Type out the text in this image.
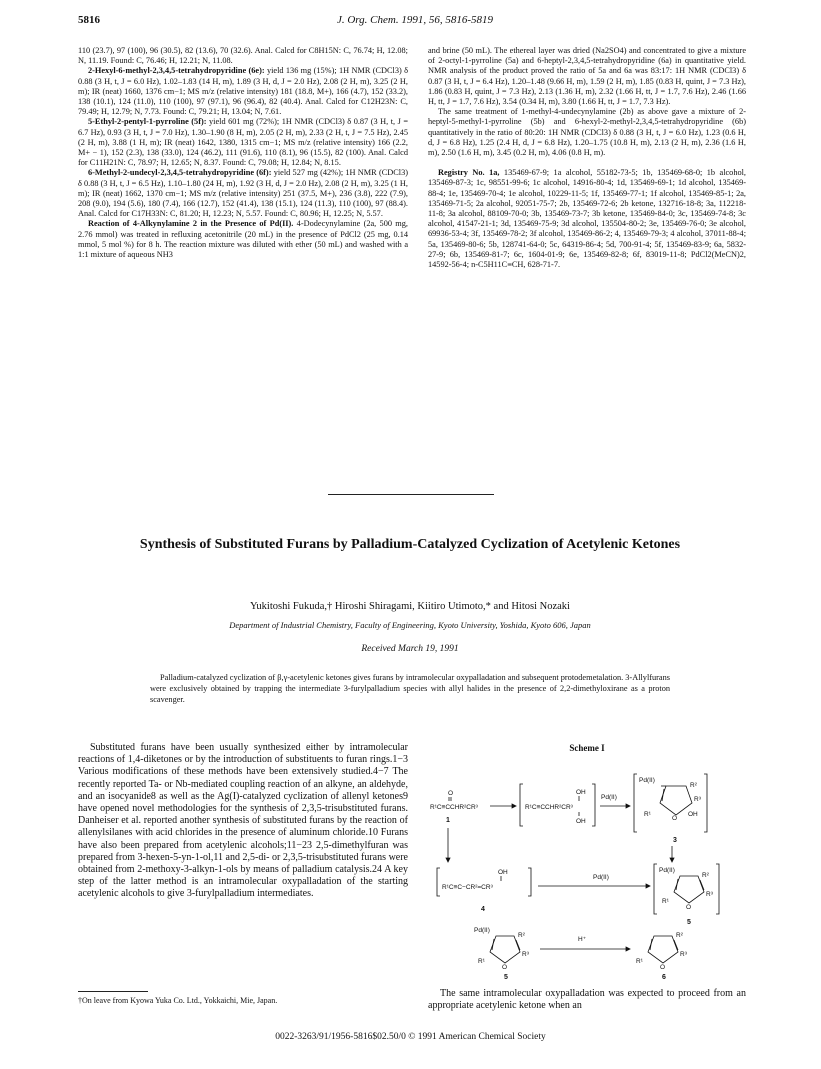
5816	J. Org. Chem. 1991, 56, 5816-5819

110 (23.7), 97 (100), 96 (30.5), 82 (13.6), 70 (32.6). Anal. Calcd for C8H15N: C, 76.74; H, 12.08; N, 11.19. Found: C, 76.46; H, 12.21; N, 11.08.

2-Hexyl-6-methyl-2,3,4,5-tetrahydropyridine (6e): yield 136 mg (15%); 1H NMR (CDCl3) δ 0.88 (3 H, t, J = 6.0 Hz), 1.02–1.83 (14 H, m), 1.89 (3 H, d, J = 2.0 Hz), 2.08 (2 H, m), 3.25 (2 H, m); IR (neat) 1660, 1376 cm−1; MS m/z (relative intensity) 181 (18.8, M+), 166 (4.7), 152 (33.2), 138 (10.1), 124 (11.0), 110 (100), 97 (97.1), 96 (96.4), 82 (40.4). Anal. Calcd for C12H23N: C, 79.49; H, 12.79; N, 7.73. Found: C, 79.21; H, 13.04; N, 7.61.

5-Ethyl-2-pentyl-1-pyrroline (5f): yield 601 mg (72%); 1H NMR (CDCl3) δ 0.87 (3 H, t, J = 6.7 Hz), 0.93 (3 H, t, J = 7.0 Hz), 1.30–1.90 (8 H, m), 2.05 (2 H, m), 2.33 (2 H, t, J = 7.5 Hz), 2.45 (2 H, m), 3.88 (1 H, m); IR (neat) 1642, 1380, 1315 cm−1; MS m/z (relative intensity) 166 (2.2, M+ − 1), 152 (2.3), 138 (33.0), 124 (46.2), 111 (91.6), 110 (8.1), 96 (15.5), 82 (100). Anal. Calcd for C11H21N: C, 78.97; H, 12.65; N, 8.37. Found: C, 79.08; H, 12.84; N, 8.15.

6-Methyl-2-undecyl-2,3,4,5-tetrahydropyridine (6f): yield 527 mg (42%); 1H NMR (CDCl3) δ 0.88 (3 H, t, J = 6.5 Hz), 1.10–1.80 (24 H, m), 1.92 (3 H, d, J = 2.0 Hz), 2.08 (2 H, m), 3.25 (1 H, m); IR (neat) 1662, 1370 cm−1; MS m/z (relative intensity) 251 (37.5, M+), 236 (3.8), 222 (7.9), 208 (9.0), 194 (5.6), 180 (7.4), 166 (12.7), 152 (41.4), 138 (15.1), 124 (11.3), 110 (100), 97 (88.4). Anal. Calcd for C17H33N: C, 81.20; H, 12.23; N, 5.57. Found: C, 80.96; H, 12.25; N, 5.57.

Reaction of 4-Alkynylamine 2 in the Presence of Pd(II). 4-Dodecynylamine (2a, 500 mg, 2.76 mmol) was treated in refluxing acetonitrile (20 mL) in the presence of PdCl2 (25 mg, 0.14 mmol, 5 mol %) for 8 h. The reaction mixture was diluted with ether (50 mL) and washed with a 1:1 mixture of aqueous NH3

and brine (50 mL). The ethereal layer was dried (Na2SO4) and concentrated to give a mixture of 2-octyl-1-pyrroline (5a) and 6-heptyl-2,3,4,5-tetrahydropyridine (6a) in quantitative yield. NMR analysis of the product proved the ratio of 5a and 6a was 83:17: 1H NMR (CDCl3) δ 0.87 (3 H, t, J = 6.4 Hz), 1.20–1.48 (9.66 H, m), 1.59 (2 H, m), 1.85 (0.83 H, quint, J = 7.3 Hz), 1.86 (0.83 H, quint, J = 7.3 Hz), 2.13 (1.36 H, m), 2.32 (1.66 H, tt, J = 1.7, 7.6 Hz), 2.46 (1.66 H, tt, J = 1.7, 7.6 Hz), 3.54 (0.34 H, m), 3.80 (1.66 H, tt, J = 1.7, 7.3 Hz).

The same treatment of 1-methyl-4-undecynylamine (2b) as above gave a mixture of 2-heptyl-5-methyl-1-pyrroline (5b) and 6-hexyl-2-methyl-2,3,4,5-tetrahydropyridine (6b) quantitatively in the ratio of 80:20: 1H NMR (CDCl3) δ 0.88 (3 H, t, J = 6.0 Hz), 1.23 (0.6 H, d, J = 6.8 Hz), 1.25 (2.4 H, d, J = 6.8 Hz), 1.20–1.75 (10.8 H, m), 2.13 (2 H, m), 2.36 (1.6 H, m), 2.50 (1.6 H, m), 3.45 (0.2 H, m), 4.06 (0.8 H, m).

Registry No. 1a, 135469-67-9; 1a alcohol, 55182-73-5; 1b, 135469-68-0; 1b alcohol, 135469-87-3; 1c, 98551-99-6; 1c alcohol, 14916-80-4; 1d, 135469-69-1; 1d alcohol, 135469-88-4; 1e, 135469-70-4; 1e alcohol, 10229-11-5; 1f, 135469-77-1; 1f alcohol, 135469-85-1; 2a, 135469-71-5; 2a alcohol, 92051-75-7; 2b, 135469-72-6; 2b ketone, 132716-18-8; 3a, 112218-11-8; 3a alcohol, 88109-70-0; 3b, 135469-73-7; 3b ketone, 135469-84-0; 3c, 135469-74-8; 3c alcohol, 41547-21-1; 3d, 135469-75-9; 3d alcohol, 135504-80-2; 3e, 135469-76-0; 3e alcohol, 69936-53-4; 3f, 135469-78-2; 3f alcohol, 135469-86-2; 4, 135469-79-3; 4 alcohol, 37011-88-4; 5a, 135469-80-6; 5b, 128741-64-0; 5c, 64319-86-4; 5d, 700-91-4; 5f, 135469-83-9; 6a, 5832-27-9; 6b, 135469-81-7; 6c, 1604-01-9; 6e, 135469-82-8; 6f, 83019-11-8; PdCl2(MeCN)2, 14592-56-4; n-C5H11C≡CH, 628-71-7.

Synthesis of Substituted Furans by Palladium-Catalyzed Cyclization of Acetylenic Ketones
Yukitoshi Fukuda,† Hiroshi Shiragami, Kiitiro Utimoto,* and Hitosi Nozaki
Department of Industrial Chemistry, Faculty of Engineering, Kyoto University, Yoshida, Kyoto 606, Japan
Received March 19, 1991

Palladium-catalyzed cyclization of β,γ-acetylenic ketones gives furans by intramolecular oxypalladation and subsequent protodemetalation. 3-Allylfurans were exclusively obtained by trapping the intermediate 3-furylpalladium species with allyl halides in the presence of 2,2-dimethyloxirane as a proton scavenger.

Substituted furans have been usually synthesized either by intramolecular reactions of 1,4-diketones or by the introduction of substituents to furan rings.1−3 Various modifications of these methods have been extensively studied.4−7 The recently reported Ta- or Nb-mediated coupling reaction of an alkyne, an aldehyde, and an isocyanide8 as well as the Ag(I)-catalyzed cyclization of allenyl ketones9 have opened novel methodologies for the synthesis of 2,3,5-trisubstituted furans. Danheiser et al. reported another synthesis of substituted furans by the reaction of allenylsilanes with acid chlorides in the presence of aluminum chloride.10 Furans have also been prepared from acetylenic alcohols;11−23 2,5-dimethylfuran was prepared from 3-hexen-5-yn-1-ol,11 and 2,5-di- or 2,3,5-trisubstituted furans were obtained from 2-methoxy-3-alkyn-1-ols by means of palladium catalysis.24 A key step of the latter method is an intramolecular oxypalladation of the starting acetylenic alcohols to give 3-furylpalladium intermediates.

†On leave from Kyowa Yuka Co. Ltd., Yokkaichi, Mie, Japan.
Scheme I
O
R¹C≡CCHR²CR³
1
OH
R¹C≡CCHR²CR³
OH
Pd(II)
Pd(II)
R²
R³
R¹
O
OH
3
OH
R¹C≡C−CR²=CR³
4
Pd(II)
Pd(II)
R²
R³
R¹
O
5
Pd(II)
R²
R³
R¹
O
5
H⁺
R²
R³
R¹
O
6

The same intramolecular oxypalladation was expected to proceed from an appropriate acetylenic ketone when an

0022-3263/91/1956-5816$02.50/0 © 1991 American Chemical Society
